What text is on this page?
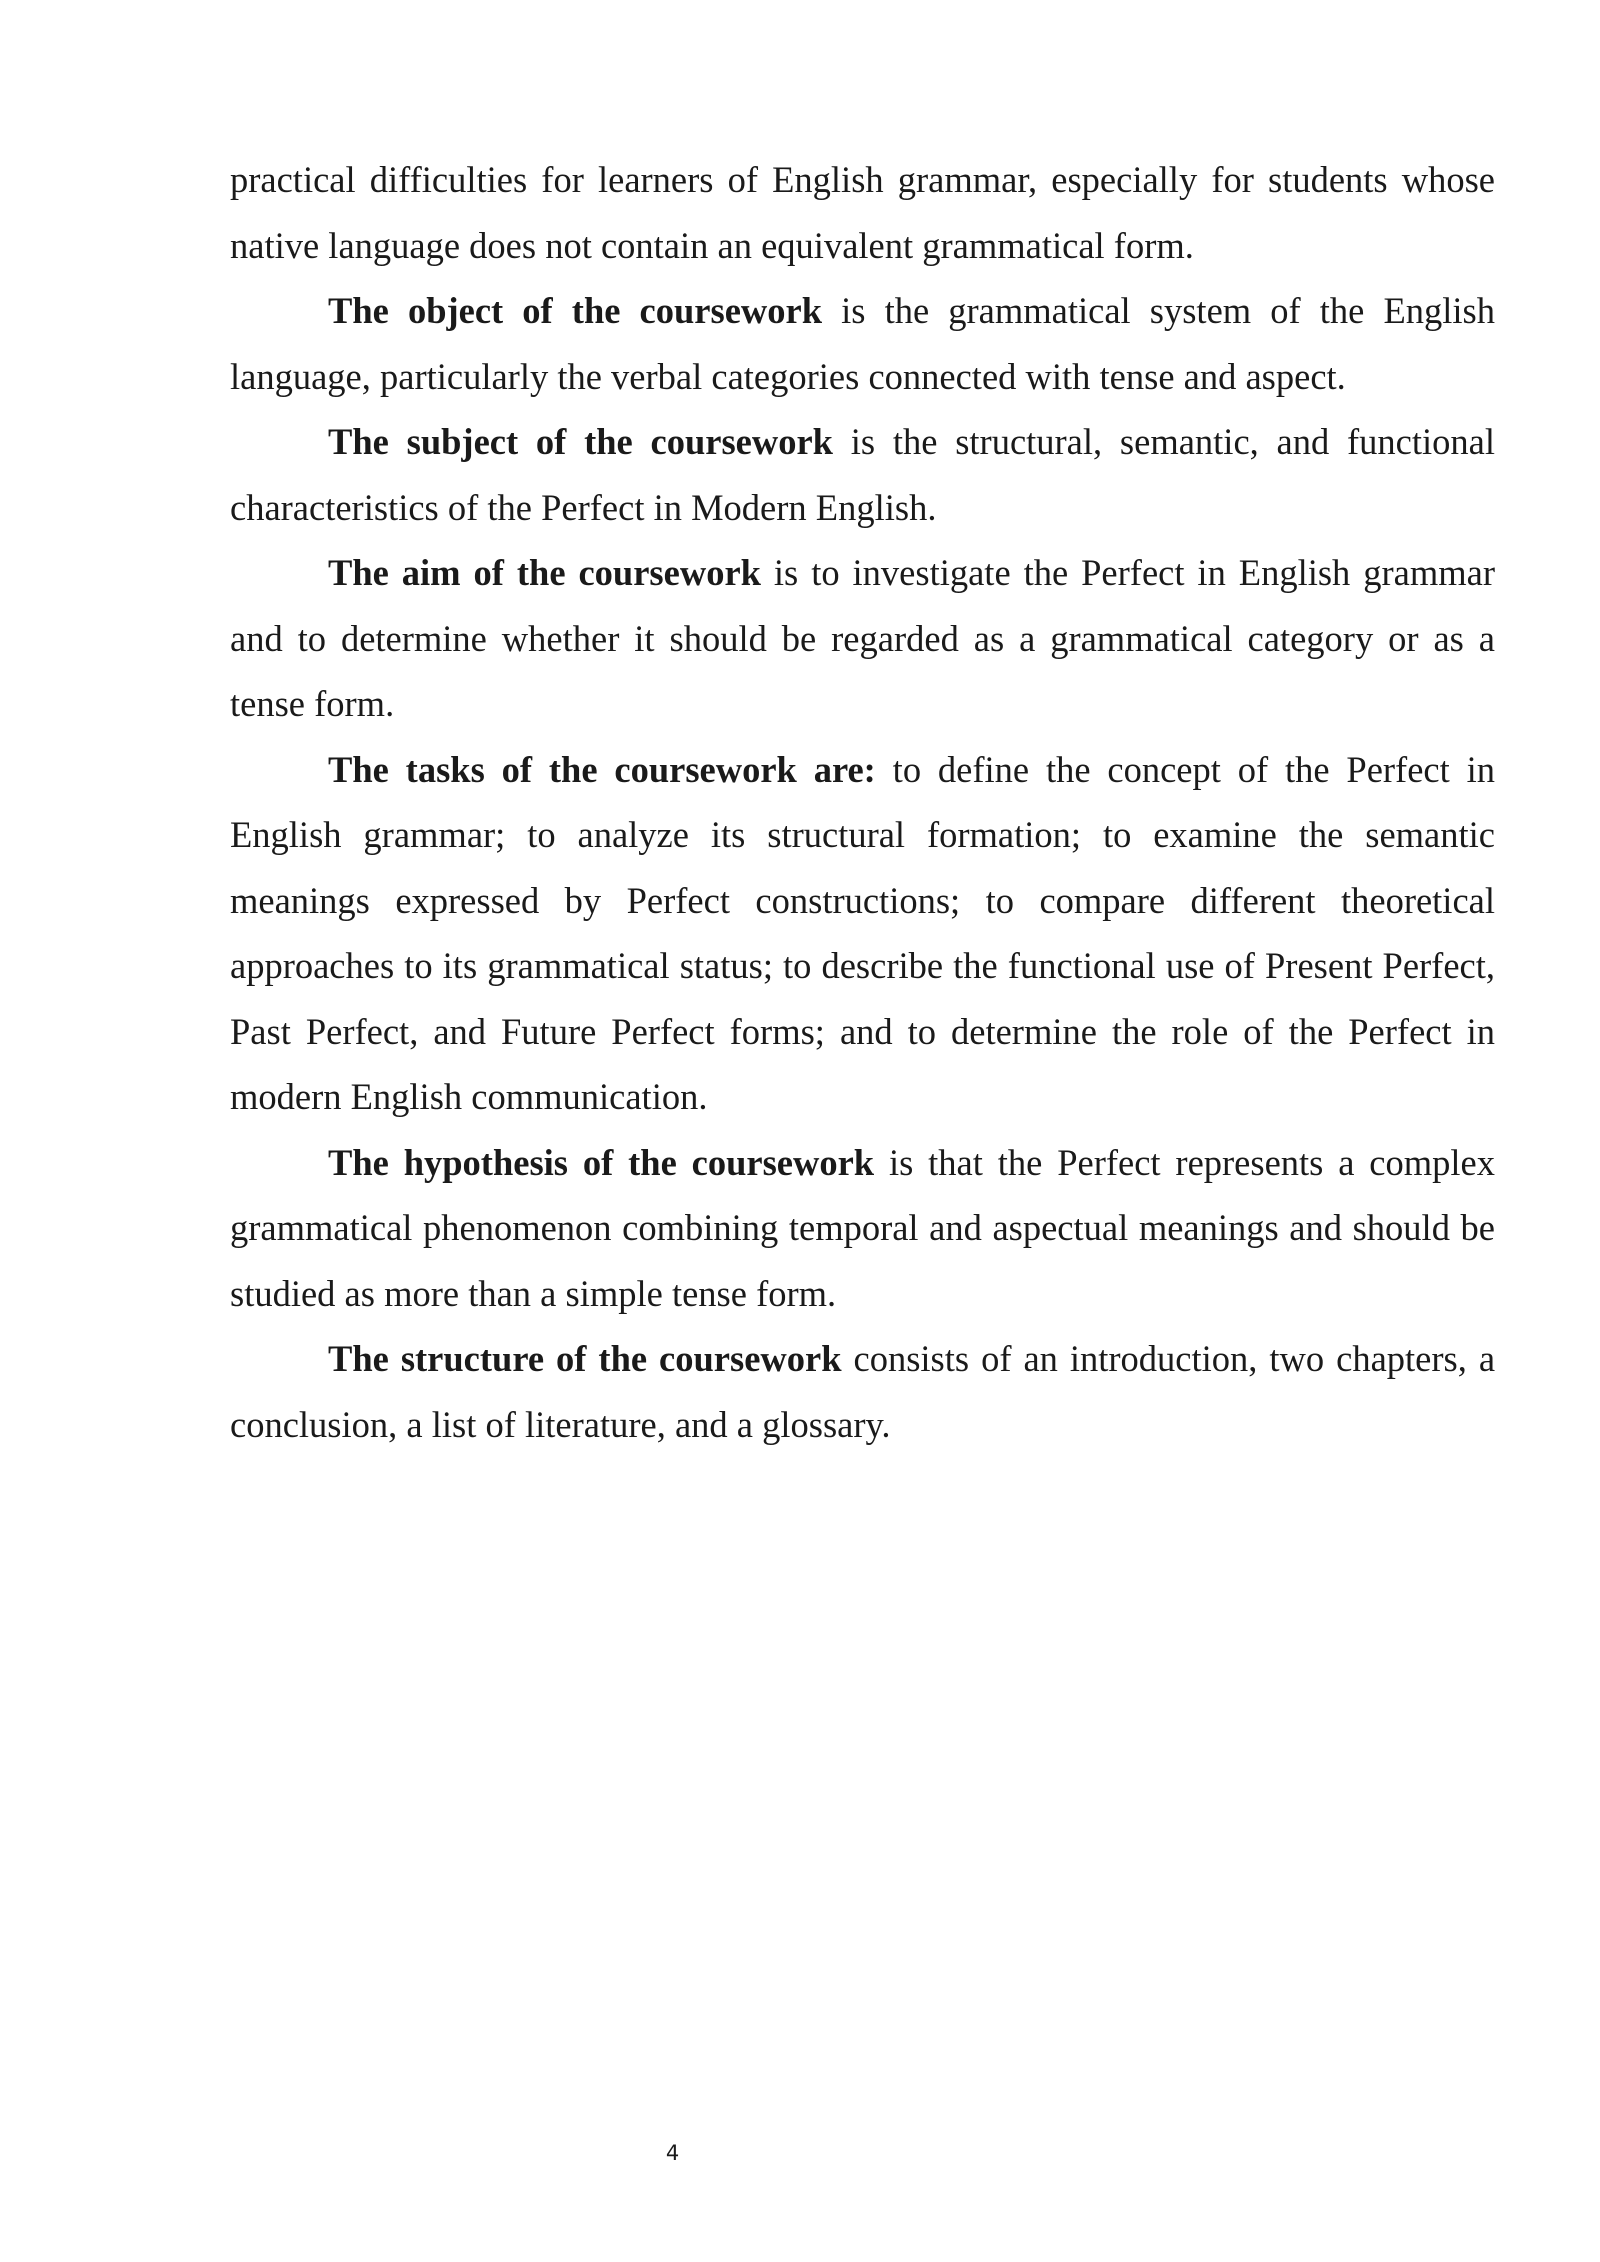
practical difficulties for learners of English grammar, especially for students whose native language does not contain an equivalent grammatical form.

The object of the coursework is the grammatical system of the English language, particularly the verbal categories connected with tense and aspect.

The subject of the coursework is the structural, semantic, and functional characteristics of the Perfect in Modern English.

The aim of the coursework is to investigate the Perfect in English grammar and to determine whether it should be regarded as a grammatical category or as a tense form.

The tasks of the coursework are: to define the concept of the Perfect in English grammar; to analyze its structural formation; to examine the semantic meanings expressed by Perfect constructions; to compare different theoretical approaches to its grammatical status; to describe the functional use of Present Perfect, Past Perfect, and Future Perfect forms; and to determine the role of the Perfect in modern English communication.

The hypothesis of the coursework is that the Perfect represents a complex grammatical phenomenon combining temporal and aspectual meanings and should be studied as more than a simple tense form.

The structure of the coursework consists of an introduction, two chapters, a conclusion, a list of literature, and a glossary.

4
